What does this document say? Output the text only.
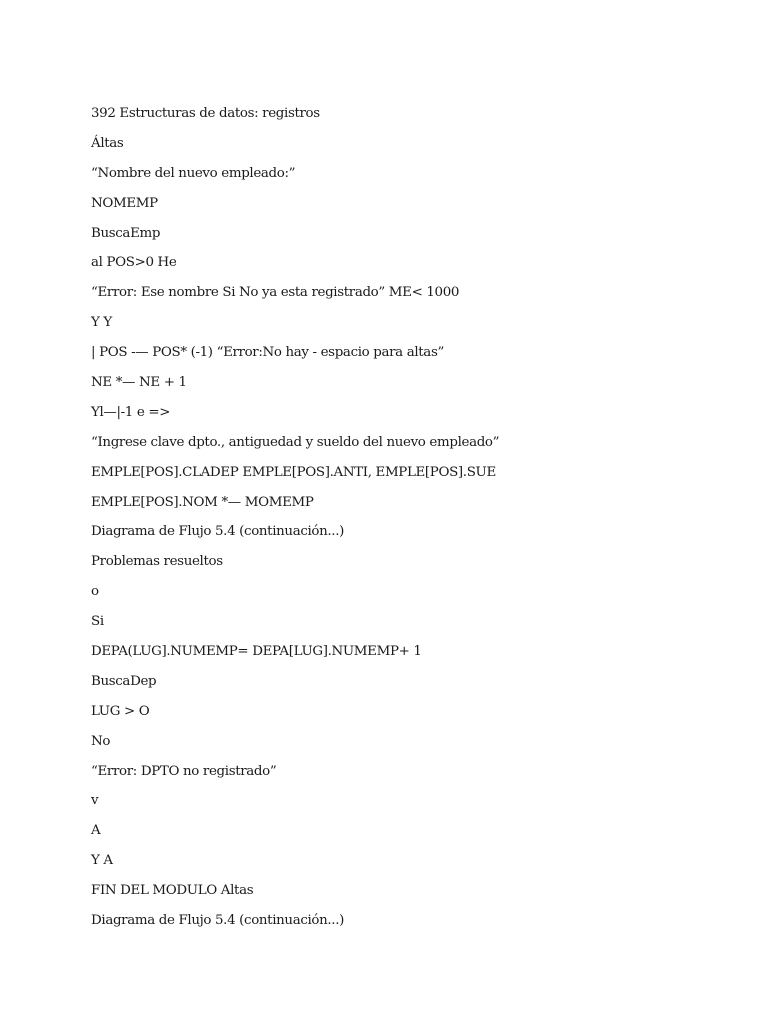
392 Estructuras de datos: registros
Áltas
“Nombre del nuevo empleado:”
NOMEMP
BuscaEmp
al POS>0 He
“Error: Ese nombre Si No ya esta registrado” ME< 1000
Y Y
| POS -— POS* (-1) “Error:No hay - espacio para altas”
NE *— NE + 1
Yl—|-1 e =>
“Ingrese clave dpto., antiguedad y sueldo del nuevo empleado”
EMPLE[POS].CLADEP EMPLE[POS].ANTI, EMPLE[POS].SUE
EMPLE[POS].NOM *— MOMEMP
Diagrama de Flujo 5.4 (continuación...)
Problemas resueltos
o
Si
DEPA(LUG].NUMEMP= DEPA[LUG].NUMEMP+ 1
BuscaDep
LUG > O
No
“Error: DPTO no registrado”
v
A
Y A
FIN DEL MODULO Altas
Diagrama de Flujo 5.4 (continuación...)
